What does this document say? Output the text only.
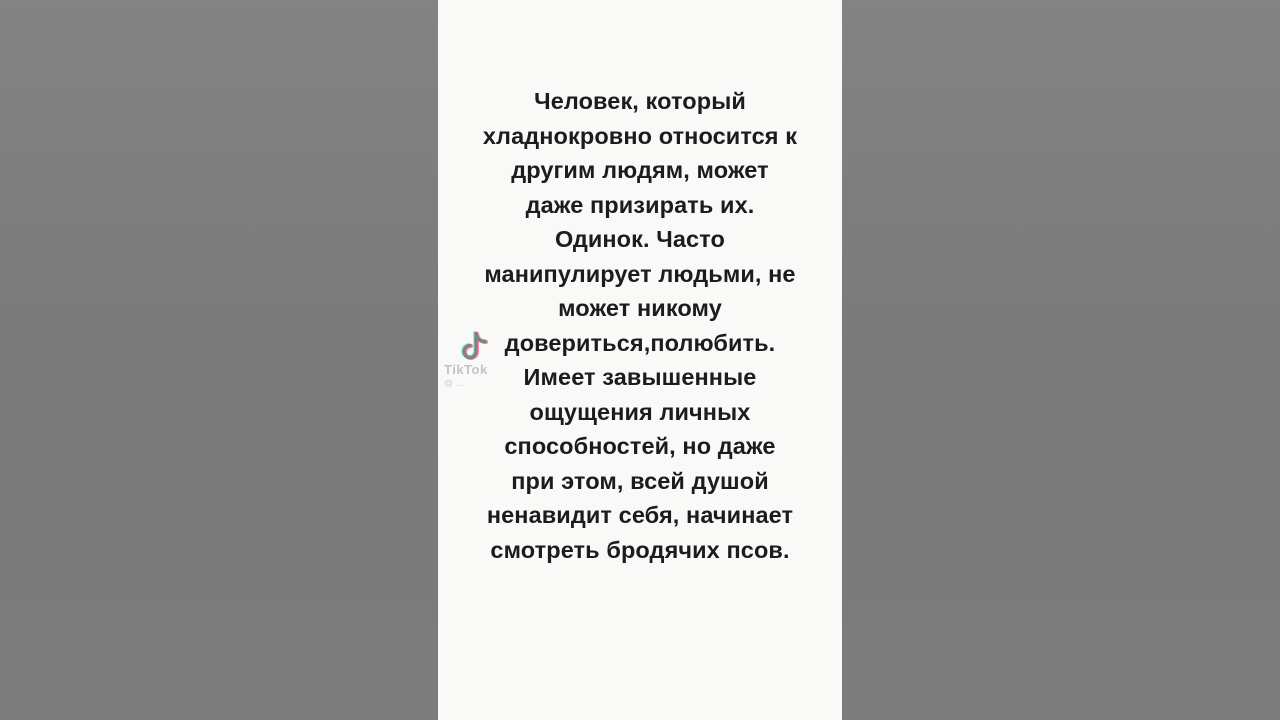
Человек, который
хладнокровно относится к
другим людям, может
даже призирать их.
Одинок. Часто
манипулирует людьми, не
может никому
довериться,полюбить.
Имеет завышенные
ощущения личных
способностей, но даже
при этом, всей душой
ненавидит себя, начинает
смотреть бродячих псов.
TikTok
@ ...
